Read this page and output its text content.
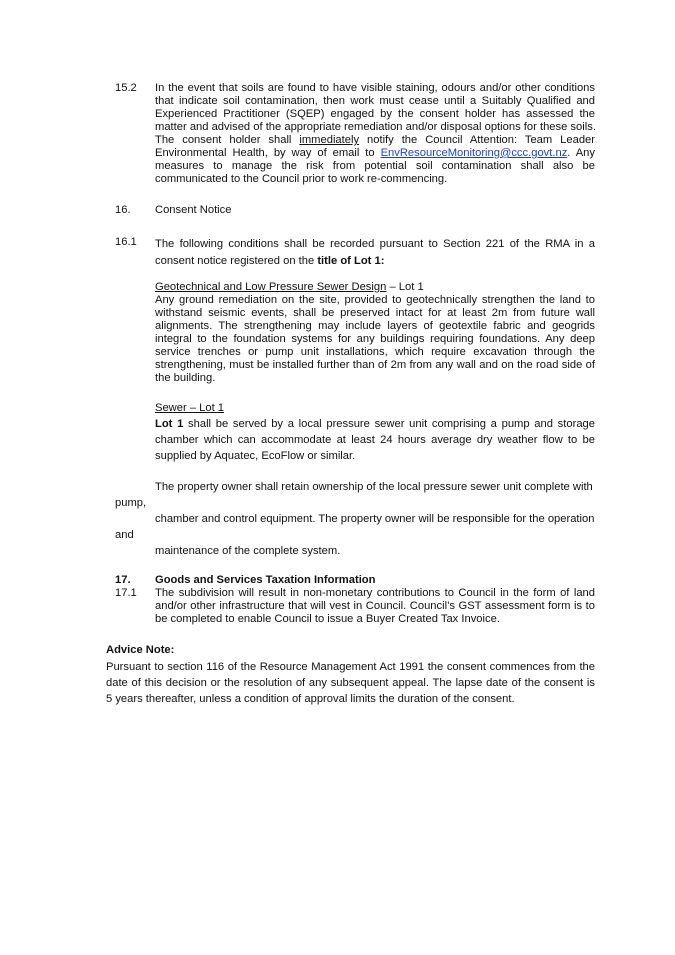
15.2 In the event that soils are found to have visible staining, odours and/or other conditions
that indicate soil contamination, then work must cease until a Suitably Qualified and
Experienced Practitioner (SQEP) engaged by the consent holder has assessed the
matter and advised of the appropriate remediation and/or disposal options for these soils.
The consent holder shall immediately notify the Council Attention: Team Leader
Environmental Health, by way of email to EnvResourceMonitoring@ccc.govt.nz. Any
measures to manage the risk from potential soil contamination shall also be
communicated to the Council prior to work re-commencing.
16. Consent Notice
16.1 The following conditions shall be recorded pursuant to Section 221 of the RMA in a
consent notice registered on the title of Lot 1:
Geotechnical and Low Pressure Sewer Design – Lot 1
Any ground remediation on the site, provided to geotechnically strengthen the land to
withstand seismic events, shall be preserved intact for at least 2m from future wall
alignments. The strengthening may include layers of geotextile fabric and geogrids
integral to the foundation systems for any buildings requiring foundations. Any deep
service trenches or pump unit installations, which require excavation through the
strengthening, must be installed further than of 2m from any wall and on the road side of
the building.
Sewer – Lot 1
Lot 1 shall be served by a local pressure sewer unit comprising a pump and storage
chamber which can accommodate at least 24 hours average dry weather flow to be
supplied by Aquatec, EcoFlow or similar.
The property owner shall retain ownership of the local pressure sewer unit complete with
pump,
chamber and control equipment. The property owner will be responsible for the operation
and
maintenance of the complete system.
17. Goods and Services Taxation Information
17.1 The subdivision will result in non-monetary contributions to Council in the form of land
and/or other infrastructure that will vest in Council. Council’s GST assessment form is to
be completed to enable Council to issue a Buyer Created Tax Invoice.
Advice Note:
Pursuant to section 116 of the Resource Management Act 1991 the consent commences from the
date of this decision or the resolution of any subsequent appeal. The lapse date of the consent is
5 years thereafter, unless a condition of approval limits the duration of the consent.
